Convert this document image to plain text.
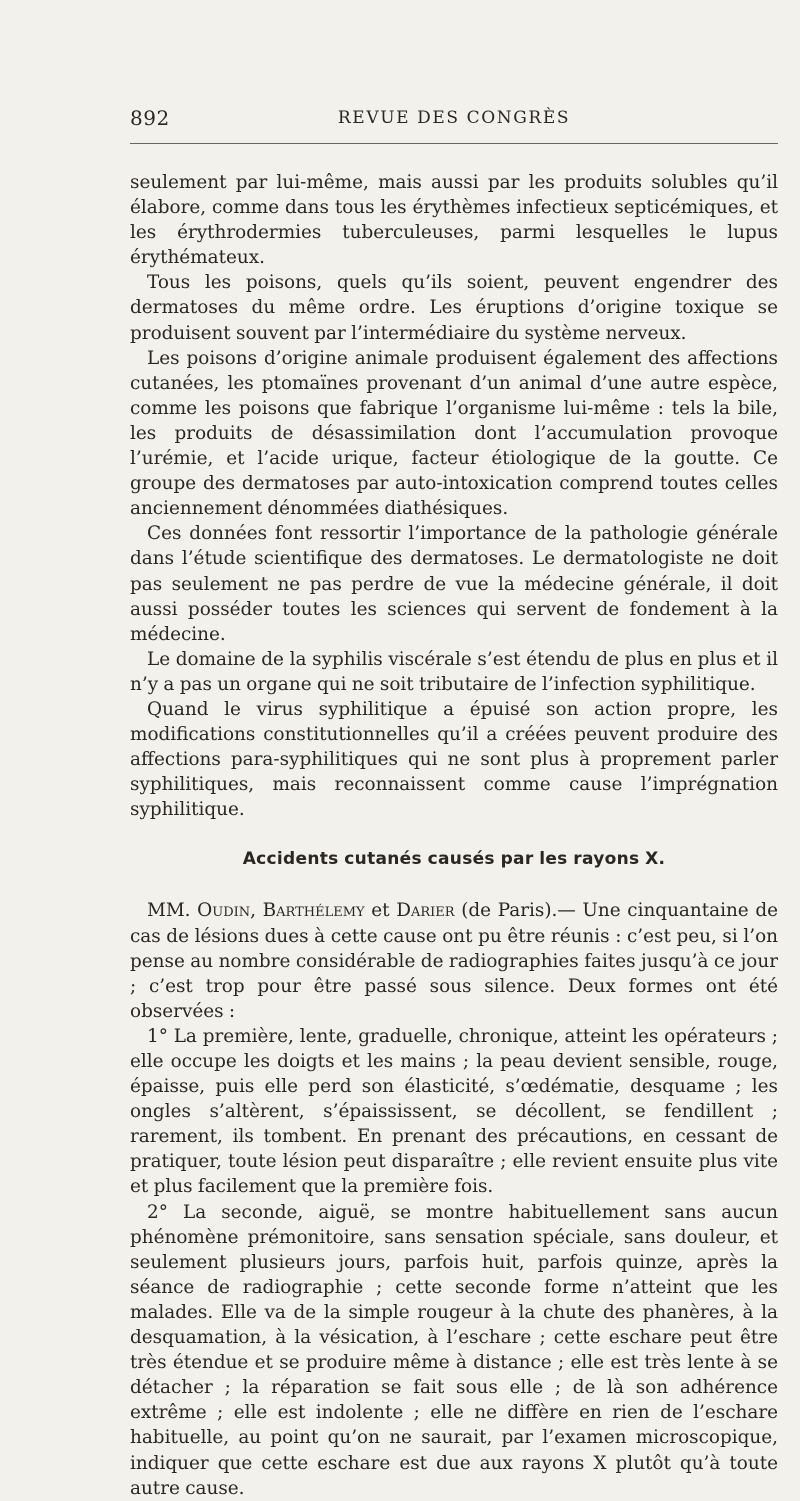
892	REVUE DES CONGRÈS

seulement par lui-même, mais aussi par les produits solubles qu’il élabore, comme dans tous les érythèmes infectieux septicémiques, et les érythrodermies tuberculeuses, parmi lesquelles le lupus érythémateux.

Tous les poisons, quels qu’ils soient, peuvent engendrer des dermatoses du même ordre. Les éruptions d’origine toxique se produisent souvent par l’intermédiaire du système nerveux.

Les poisons d’origine animale produisent également des affections cutanées, les ptomaïnes provenant d’un animal d’une autre espèce, comme les poisons que fabrique l’organisme lui-même : tels la bile, les produits de désassimilation dont l’accumulation provoque l’urémie, et l’acide urique, facteur étiologique de la goutte. Ce groupe des dermatoses par auto-intoxication comprend toutes celles anciennement dénommées diathésiques.

Ces données font ressortir l’importance de la pathologie générale dans l’étude scientifique des dermatoses. Le dermatologiste ne doit pas seulement ne pas perdre de vue la médecine générale, il doit aussi posséder toutes les sciences qui servent de fondement à la médecine.

Le domaine de la syphilis viscérale s’est étendu de plus en plus et il n’y a pas un organe qui ne soit tributaire de l’infection syphilitique.

Quand le virus syphilitique a épuisé son action propre, les modifications constitutionnelles qu’il a créées peuvent produire des affections para-syphilitiques qui ne sont plus à proprement parler syphilitiques, mais reconnaissent comme cause l’imprégnation syphilitique.

Accidents cutanés causés par les rayons X.

MM. Oudin, Barthélemy et Darier (de Paris).— Une cinquantaine de cas de lésions dues à cette cause ont pu être réunis : c’est peu, si l’on pense au nombre considérable de radiographies faites jusqu’à ce jour ; c’est trop pour être passé sous silence. Deux formes ont été observées :

1° La première, lente, graduelle, chronique, atteint les opérateurs ; elle occupe les doigts et les mains ; la peau devient sensible, rouge, épaisse, puis elle perd son élasticité, s’œdématie, desquame ; les ongles s’altèrent, s’épaississent, se décollent, se fendillent ; rarement, ils tombent. En prenant des précautions, en cessant de pratiquer, toute lésion peut disparaître ; elle revient ensuite plus vite et plus facilement que la première fois.

2° La seconde, aiguë, se montre habituellement sans aucun phénomène prémonitoire, sans sensation spéciale, sans douleur, et seulement plusieurs jours, parfois huit, parfois quinze, après la séance de radiographie ; cette seconde forme n’atteint que les malades. Elle va de la simple rougeur à la chute des phanères, à la desquamation, à la vésication, à l’eschare ; cette eschare peut être très étendue et se produire même à distance ; elle est très lente à se détacher ; la réparation se fait sous elle ; de là son adhérence extrême ; elle est indolente ; elle ne diffère en rien de l’eschare habituelle, au point qu’on ne saurait, par l’examen microscopique, indiquer que cette eschare est due aux rayons X plutôt qu’à toute autre cause.
